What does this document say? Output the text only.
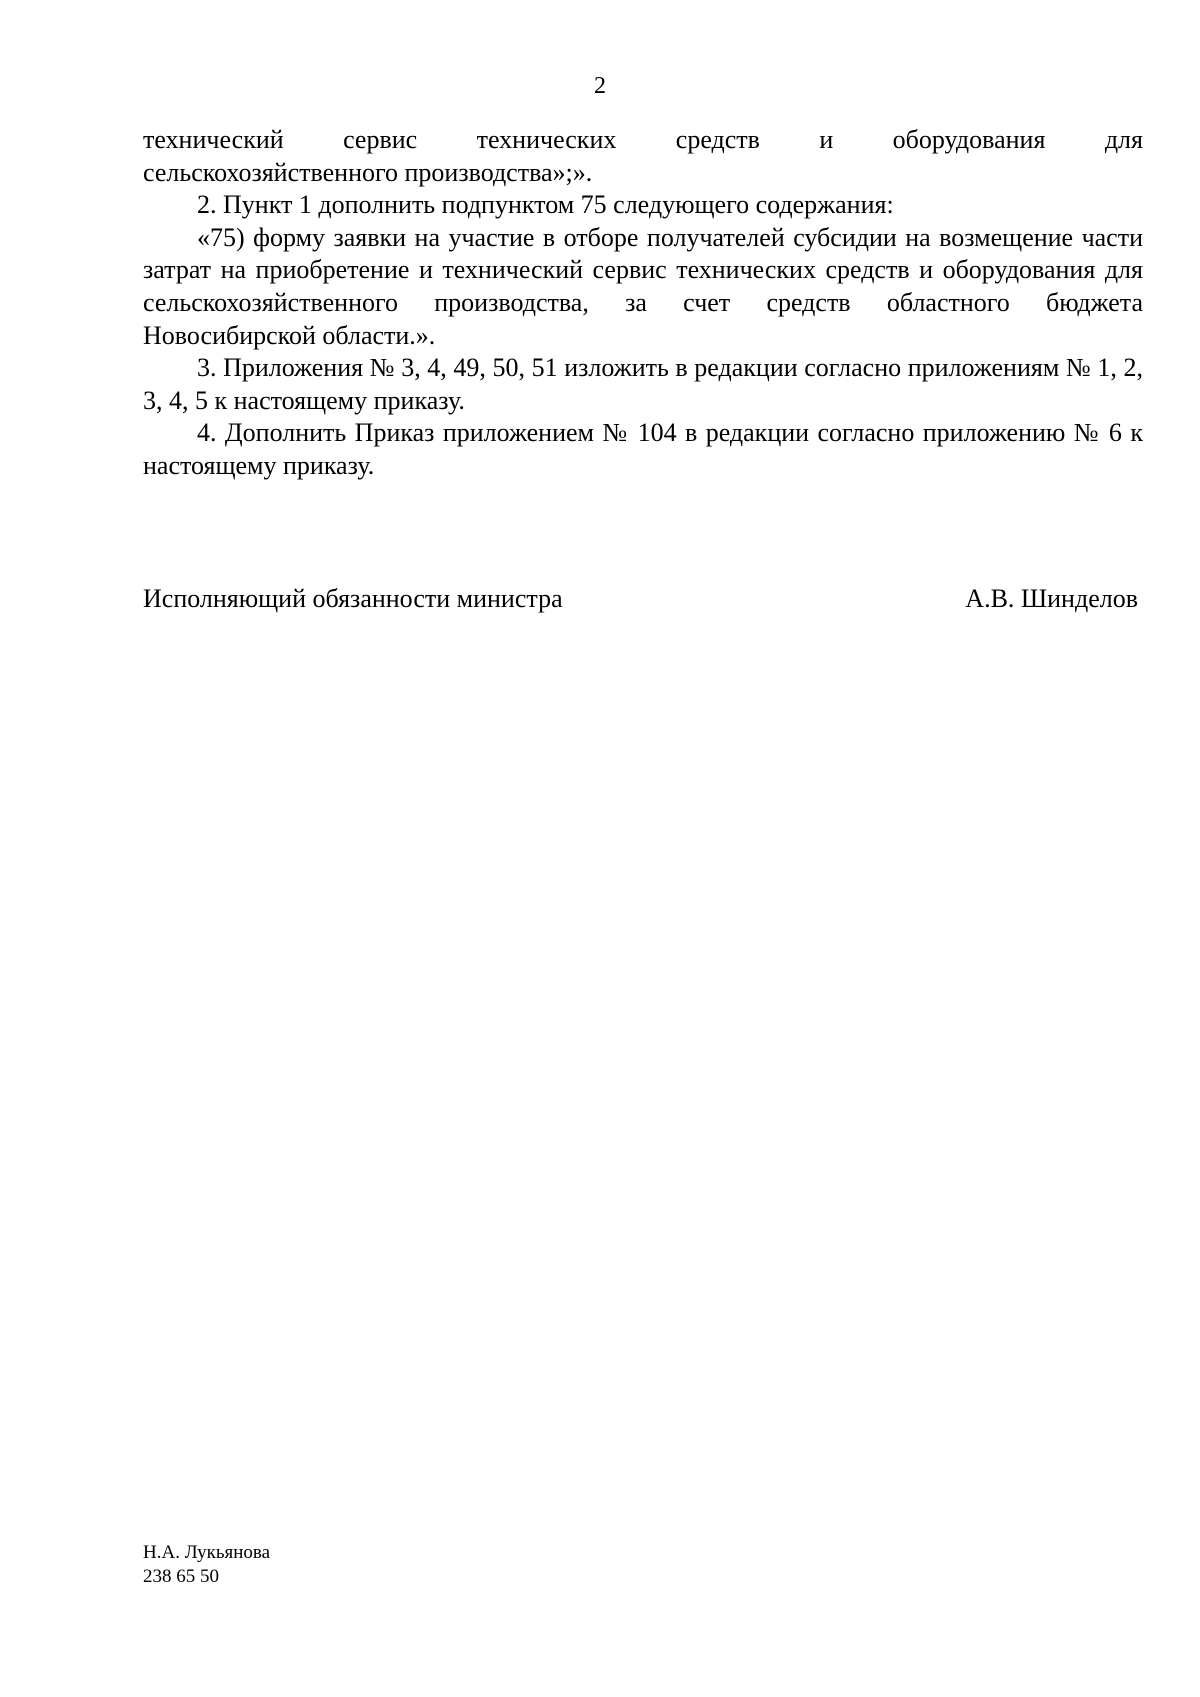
2

технический сервис технических средств и оборудования для

сельскохозяйственного производства»;».

2. Пункт 1 дополнить подпунктом 75 следующего содержания:

«75) форму заявки на участие в отборе получателей субсидии на возмещение части затрат на приобретение и технический сервис технических средств и оборудования для сельскохозяйственного производства, за счет средств областного бюджета Новосибирской области.».

3. Приложения № 3, 4, 49, 50, 51 изложить в редакции согласно приложениям № 1, 2, 3, 4, 5 к настоящему приказу.

4. Дополнить Приказ приложением № 104 в редакции согласно приложению № 6 к настоящему приказу.

Исполняющий обязанности министра	А.В. Шинделов
Н.А. Лукьянова
238 65 50
